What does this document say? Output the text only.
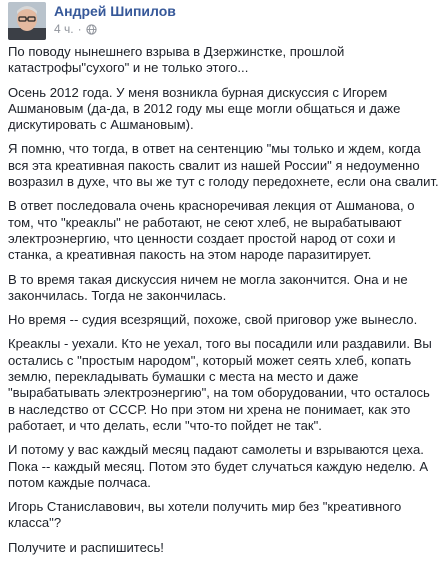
Андрей Шипилов
4 ч. ·

По поводу нынешнего взрыва в Дзержинстке, прошлой катастрофы"сухого" и не только этого...

Осень 2012 года. У меня возникла бурная дискуссия с Игорем Ашмановым (да-да, в 2012 году мы еще могли общаться и даже дискутировать с Ашмановым).

Я помню, что тогда, в ответ на сентенцию "мы только и ждем, когда вся эта креативная пакость свалит из нашей России" я недоуменно возразил в духе, что вы же тут с голоду передохнете, если она свалит.

В ответ последовала очень красноречивая лекция от Ашманова, о том, что "креаклы" не работают, не сеют хлеб, не вырабатывают электроэнергию, что ценности создает простой народ от сохи и станка, а креативная пакость на этом народе паразитирует.

В то время такая дискуссия ничем не могла закончится. Она и не закончилась. Тогда не закончилась.

Но время -- судия всезрящий, похоже, свой приговор уже вынесло.

Креаклы - уехали. Кто не уехал, того вы посадили или раздавили. Вы остались с "простым народом", который может сеять хлеб, копать землю, перекладывать бумашки с места на место и даже "вырабатывать электроэнергию", на том оборудовании, что осталось в наследство от СССР. Но при этом ни хрена не понимает, как это работает, и что делать, если "что-то пойдет не так".

И потому у вас каждый месяц падают самолеты и взрываются цеха. Пока -- каждый месяц. Потом это будет случаться каждую неделю. А потом каждые полчаса.

Игорь Станиславович, вы хотели получить мир без "креативного класса"?

Получите и распишитесь!
